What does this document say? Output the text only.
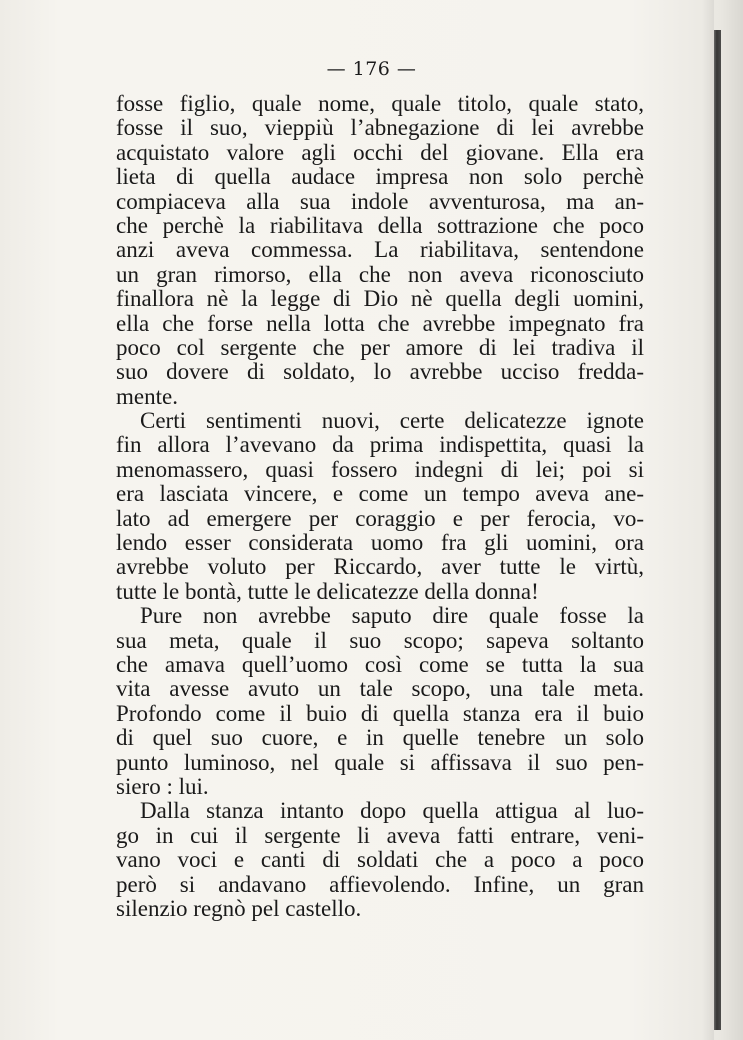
— 176 —
fosse figlio, quale nome, quale titolo, quale stato,
fosse il suo, vieppiù l’abnegazione di lei avrebbe
acquistato valore agli occhi del giovane. Ella era
lieta di quella audace impresa non solo perchè
compiaceva alla sua indole avventurosa, ma an-
che perchè la riabilitava della sottrazione che poco
anzi aveva commessa. La riabilitava, sentendone
un gran rimorso, ella che non aveva riconosciuto
finallora nè la legge di Dio nè quella degli uomini,
ella che forse nella lotta che avrebbe impegnato fra
poco col sergente che per amore di lei tradiva il
suo dovere di soldato, lo avrebbe ucciso fredda-
mente.
Certi sentimenti nuovi, certe delicatezze ignote
fin allora l’avevano da prima indispettita, quasi la
menomassero, quasi fossero indegni di lei; poi si
era lasciata vincere, e come un tempo aveva ane-
lato ad emergere per coraggio e per ferocia, vo-
lendo esser considerata uomo fra gli uomini, ora
avrebbe voluto per Riccardo, aver tutte le virtù,
tutte le bontà, tutte le delicatezze della donna!
Pure non avrebbe saputo dire quale fosse la
sua meta, quale il suo scopo; sapeva soltanto
che amava quell’uomo così come se tutta la sua
vita avesse avuto un tale scopo, una tale meta.
Profondo come il buio di quella stanza era il buio
di quel suo cuore, e in quelle tenebre un solo
punto luminoso, nel quale si affissava il suo pen-
siero : lui.
Dalla stanza intanto dopo quella attigua al luo-
go in cui il sergente li aveva fatti entrare, veni-
vano voci e canti di soldati che a poco a poco
però si andavano affievolendo. Infine, un gran
silenzio regnò pel castello.
